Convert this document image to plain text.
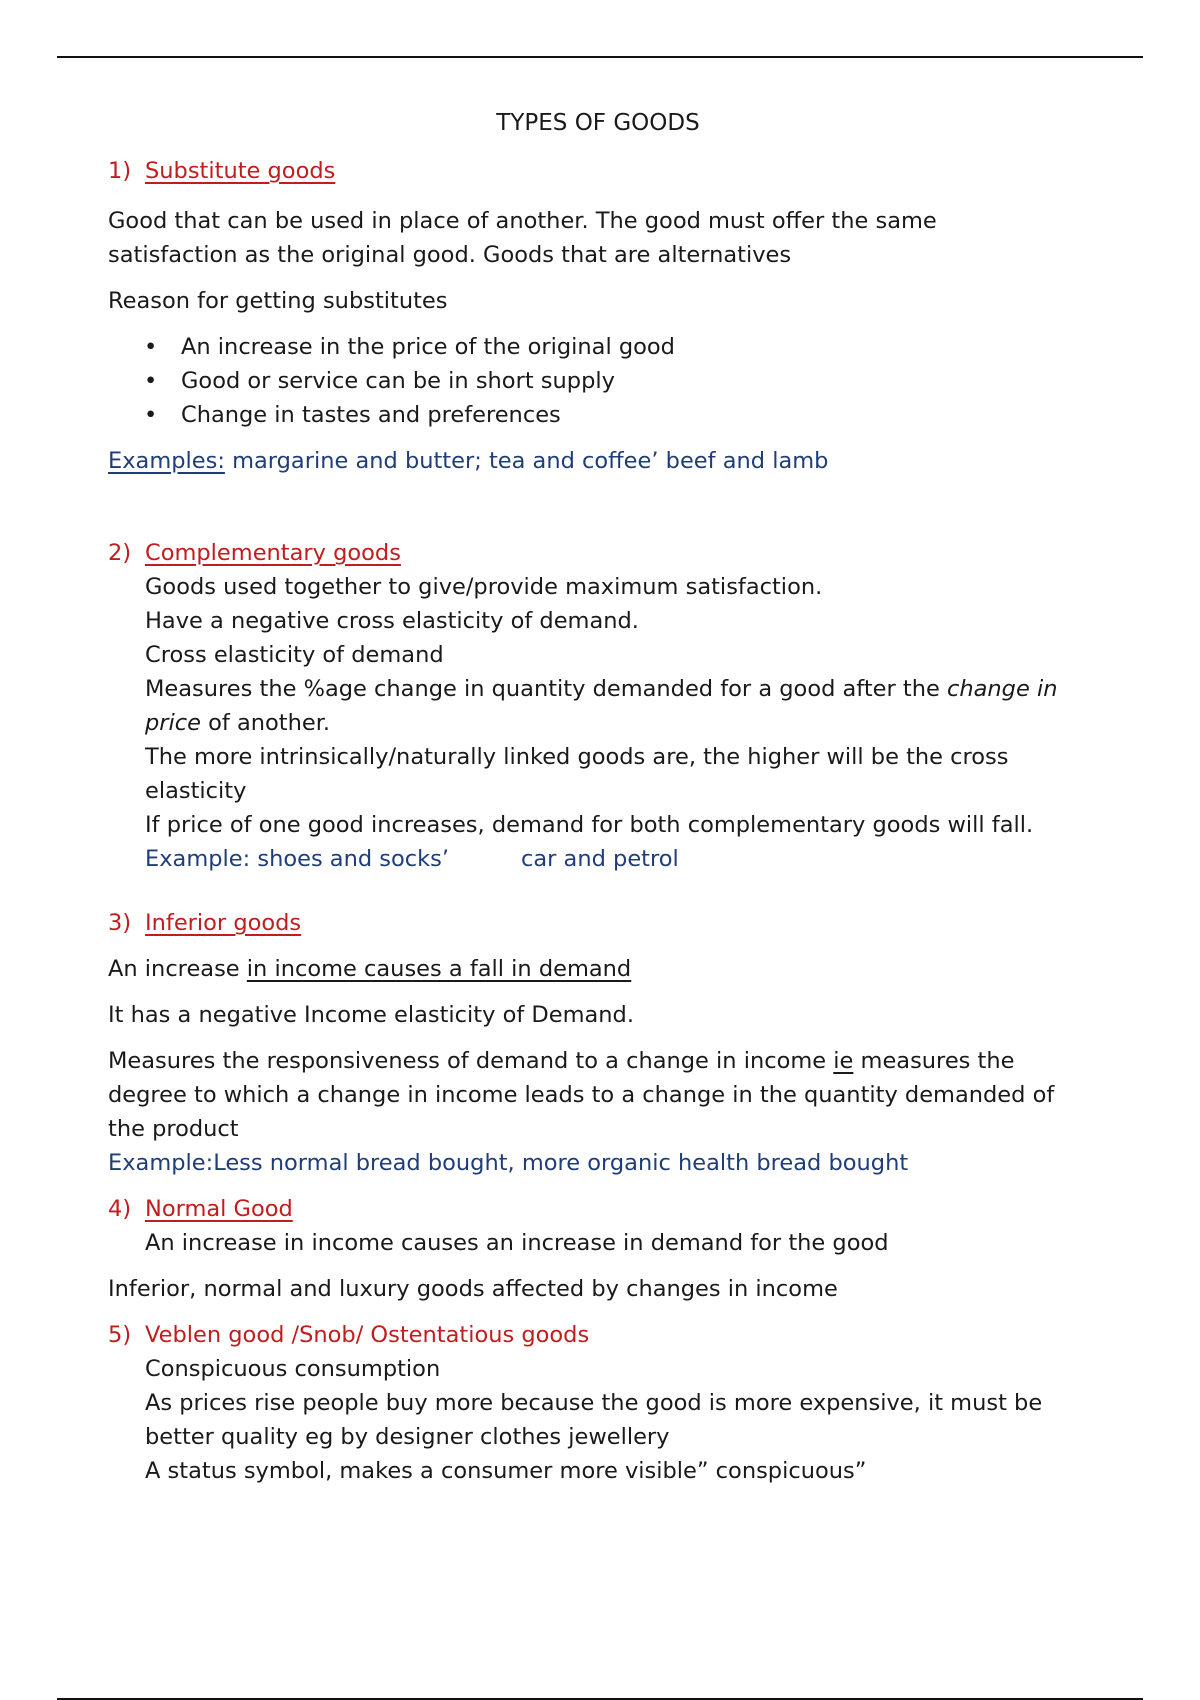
TYPES OF GOODS
1) Substitute goods

Good that can be used in place of another. The good must offer the same

satisfaction as the original good. Goods that are alternatives

Reason for getting substitutes

• An increase in the price of the original good
• Good or service can be in short supply
• Change in tastes and preferences

Examples: margarine and butter; tea and coffee’ beef and lamb

2) Complementary goods

Goods used together to give/provide maximum satisfaction.

Have a negative cross elasticity of demand.

Cross elasticity of demand

Measures the %age change in quantity demanded for a good after the change in

price of another.

The more intrinsically/naturally linked goods are, the higher will be the cross

elasticity

If price of one good increases, demand for both complementary goods will fall.

Example: shoes and socks’	car and petrol

3) Inferior goods

An increase in income causes a fall in demand

It has a negative Income elasticity of Demand.

Measures the responsiveness of demand to a change in income ie measures the

degree to which a change in income leads to a change in the quantity demanded of

the product

Example:Less normal bread bought, more organic health bread bought

4) Normal Good

An increase in income causes an increase in demand for the good

Inferior, normal and luxury goods affected by changes in income

5) Veblen good /Snob/ Ostentatious goods

Conspicuous consumption

As prices rise people buy more because the good is more expensive, it must be

better quality eg by designer clothes jewellery

A status symbol, makes a consumer more visible” conspicuous”
